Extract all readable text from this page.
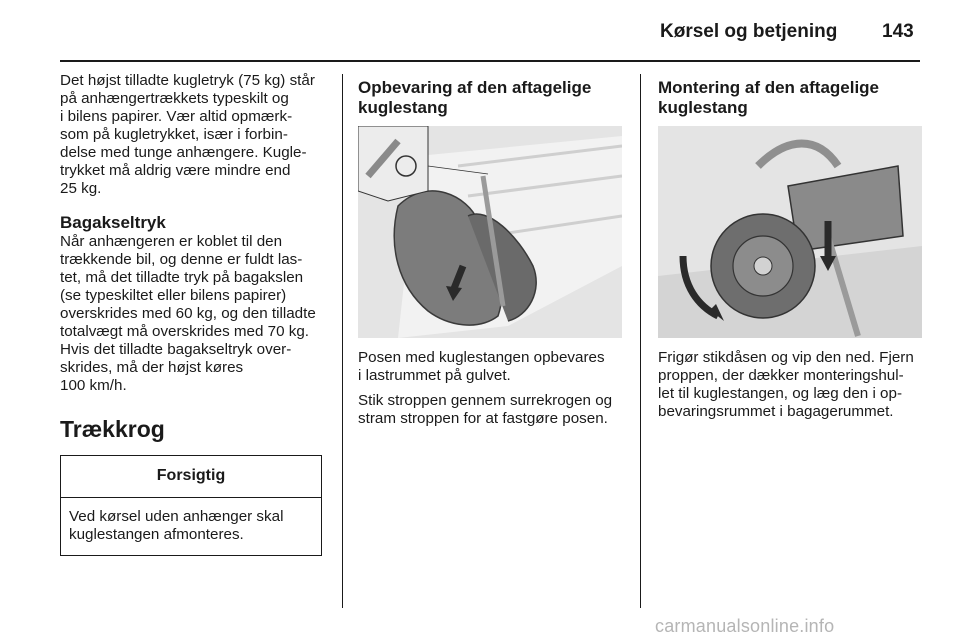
Kørsel og betjening 143

Det højst tilladte kugletryk (75 kg) står
på anhængertrækkets typeskilt og
i bilens papirer. Vær altid opmærk-
som på kugletrykket, især i forbin-
delse med tunge anhængere. Kugle-
trykket må aldrig være mindre end
25 kg.

Bagakseltryk

Når anhængeren er koblet til den
trækkende bil, og denne er fuldt las-
tet, må det tilladte tryk på bagakslen
(se typeskiltet eller bilens papirer)
overskrides med 60 kg, og den tilladte
totalvægt må overskrides med 70 kg.
Hvis det tilladte bagakseltryk over-
skrides, må der højst køres
100 km/h.

Trækkrog
Forsigtig
Ved kørsel uden anhænger skal
kuglestangen afmonteres.
Opbevaring af den aftagelige
kuglestang

Posen med kuglestangen opbevares
i lastrummet på gulvet.

Stik stroppen gennem surrekrogen og
stram stroppen for at fastgøre posen.

Montering af den aftagelige
kuglestang

Frigør stikdåsen og vip den ned. Fjern
proppen, der dækker monteringshul-
let til kuglestangen, og læg den i op-
bevaringsrummet i bagagerummet.

carmanualsonline.info
